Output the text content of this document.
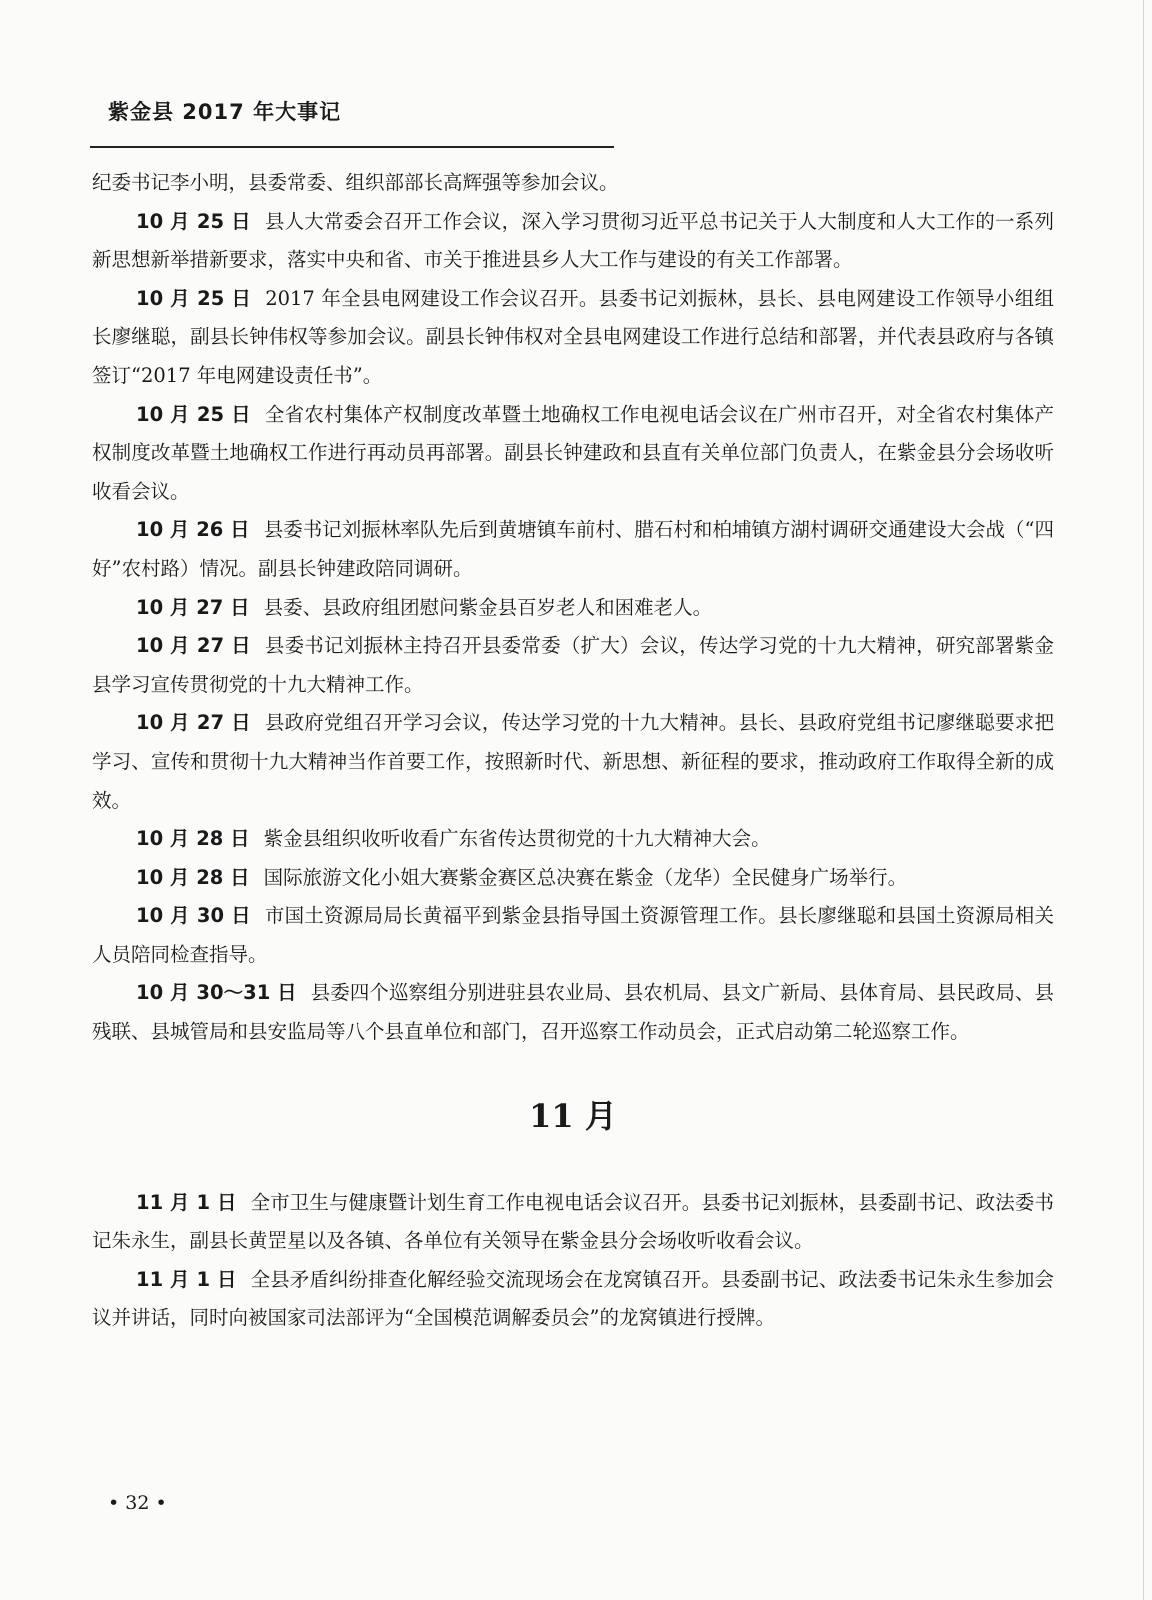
紫金县 2017 年大事记

纪委书记李小明，县委常委、组织部部长高辉强等参加会议。

10 月 25 日 县人大常委会召开工作会议，深入学习贯彻习近平总书记关于人大制度和人大工作的一系列新思想新举措新要求，落实中央和省、市关于推进县乡人大工作与建设的有关工作部署。

10 月 25 日 2017 年全县电网建设工作会议召开。县委书记刘振林，县长、县电网建设工作领导小组组长廖继聪，副县长钟伟权等参加会议。副县长钟伟权对全县电网建设工作进行总结和部署，并代表县政府与各镇签订“2017 年电网建设责任书”。

10 月 25 日 全省农村集体产权制度改革暨土地确权工作电视电话会议在广州市召开，对全省农村集体产权制度改革暨土地确权工作进行再动员再部署。副县长钟建政和县直有关单位部门负责人，在紫金县分会场收听收看会议。

10 月 26 日 县委书记刘振林率队先后到黄塘镇车前村、腊石村和柏埔镇方湖村调研交通建设大会战（“四好”农村路）情况。副县长钟建政陪同调研。

10 月 27 日 县委、县政府组团慰问紫金县百岁老人和困难老人。

10 月 27 日 县委书记刘振林主持召开县委常委（扩大）会议，传达学习党的十九大精神，研究部署紫金县学习宣传贯彻党的十九大精神工作。

10 月 27 日 县政府党组召开学习会议，传达学习党的十九大精神。县长、县政府党组书记廖继聪要求把学习、宣传和贯彻十九大精神当作首要工作，按照新时代、新思想、新征程的要求，推动政府工作取得全新的成效。

10 月 28 日 紫金县组织收听收看广东省传达贯彻党的十九大精神大会。

10 月 28 日 国际旅游文化小姐大赛紫金赛区总决赛在紫金（龙华）全民健身广场举行。

10 月 30 日 市国土资源局局长黄福平到紫金县指导国土资源管理工作。县长廖继聪和县国土资源局相关人员陪同检查指导。

10 月 30～31 日 县委四个巡察组分别进驻县农业局、县农机局、县文广新局、县体育局、县民政局、县残联、县城管局和县安监局等八个县直单位和部门，召开巡察工作动员会，正式启动第二轮巡察工作。

11 月

11 月 1 日 全市卫生与健康暨计划生育工作电视电话会议召开。县委书记刘振林，县委副书记、政法委书记朱永生，副县长黄罡星以及各镇、各单位有关领导在紫金县分会场收听收看会议。

11 月 1 日 全县矛盾纠纷排查化解经验交流现场会在龙窝镇召开。县委副书记、政法委书记朱永生参加会议并讲话，同时向被国家司法部评为“全国模范调解委员会”的龙窝镇进行授牌。

• 32 •
